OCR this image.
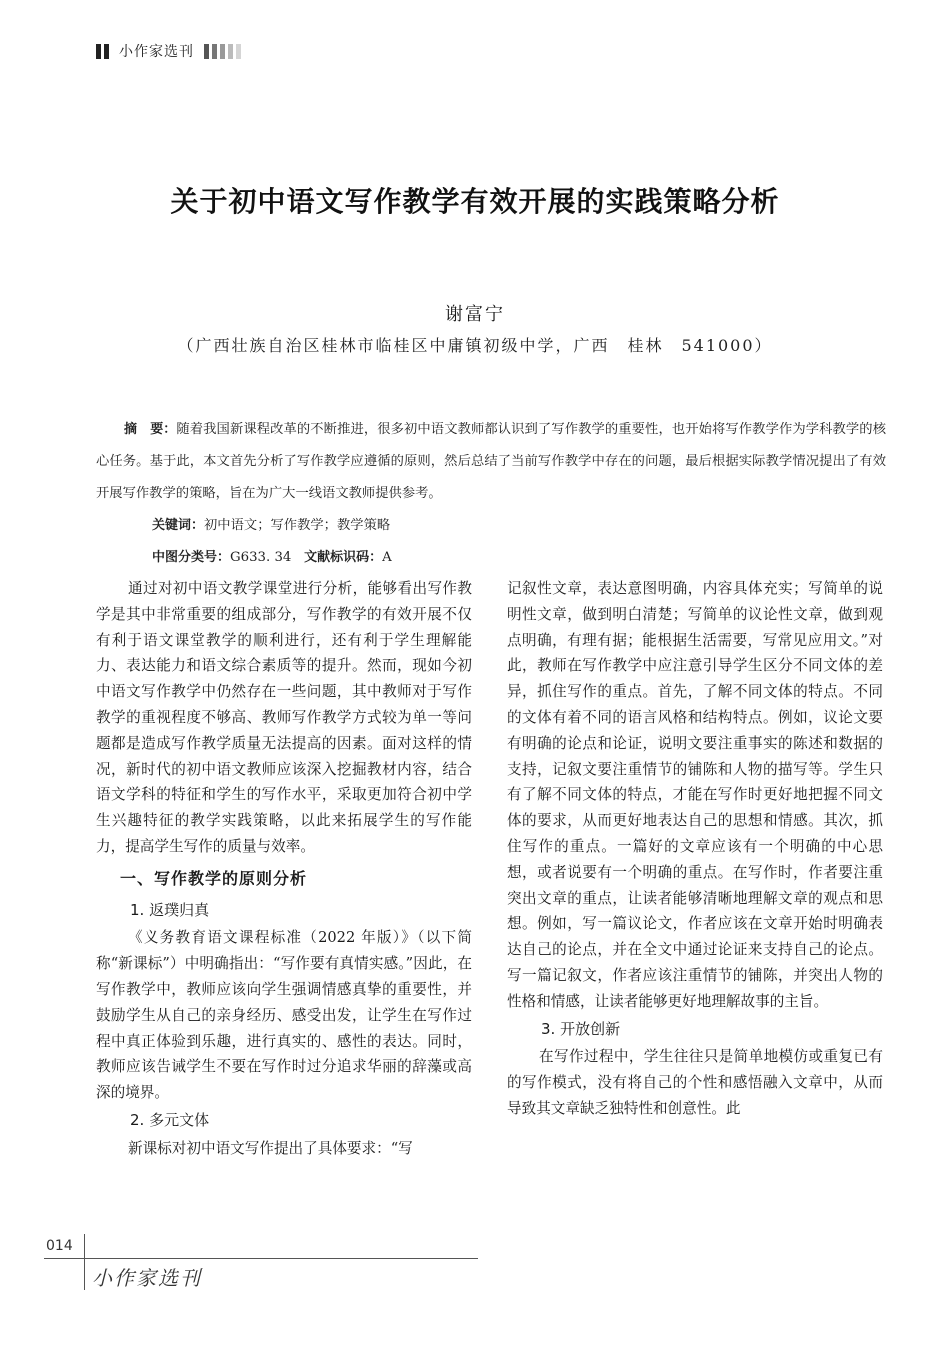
小作家选刊
关于初中语文写作教学有效开展的实践策略分析
谢富宁
（广西壮族自治区桂林市临桂区中庸镇初级中学，广西　桂林　541000）

摘　要：随着我国新课程改革的不断推进，很多初中语文教师都认识到了写作教学的重要性，也开始将写作教学作为学科教学的核心任务。基于此，本文首先分析了写作教学应遵循的原则，然后总结了当前写作教学中存在的问题，最后根据实际教学情况提出了有效开展写作教学的策略，旨在为广大一线语文教师提供参考。

关键词：初中语文；写作教学；教学策略

中图分类号：G633. 34 文献标识码：A

通过对初中语文教学课堂进行分析，能够看出写作教学是其中非常重要的组成部分，写作教学的有效开展不仅有利于语文课堂教学的顺利进行，还有利于学生理解能力、表达能力和语文综合素质等的提升。然而，现如今初中语文写作教学中仍然存在一些问题，其中教师对于写作教学的重视程度不够高、教师写作教学方式较为单一等问题都是造成写作教学质量无法提高的因素。面对这样的情况，新时代的初中语文教师应该深入挖掘教材内容，结合语文学科的特征和学生的写作水平，采取更加符合初中学生兴趣特征的教学实践策略，以此来拓展学生的写作能力，提高学生写作的质量与效率。

一、写作教学的原则分析
1. 返璞归真

《义务教育语文课程标准（2022 年版）》（以下简称“新课标”）中明确指出：“写作要有真情实感。”因此，在写作教学中，教师应该向学生强调情感真挚的重要性，并鼓励学生从自己的亲身经历、感受出发，让学生在写作过程中真正体验到乐趣，进行真实的、感性的表达。同时，教师应该告诫学生不要在写作时过分追求华丽的辞藻或高深的境界。

2. 多元文体

新课标对初中语文写作提出了具体要求：“写

记叙性文章，表达意图明确，内容具体充实；写简单的说明性文章，做到明白清楚；写简单的议论性文章，做到观点明确，有理有据；能根据生活需要，写常见应用文。”对此，教师在写作教学中应注意引导学生区分不同文体的差异，抓住写作的重点。首先，了解不同文体的特点。不同的文体有着不同的语言风格和结构特点。例如，议论文要有明确的论点和论证，说明文要注重事实的陈述和数据的支持，记叙文要注重情节的铺陈和人物的描写等。学生只有了解不同文体的特点，才能在写作时更好地把握不同文体的要求，从而更好地表达自己的思想和情感。其次，抓住写作的重点。一篇好的文章应该有一个明确的中心思想，或者说要有一个明确的重点。在写作时，作者要注重突出文章的重点，让读者能够清晰地理解文章的观点和思想。例如，写一篇议论文，作者应该在文章开始时明确表达自己的论点，并在全文中通过论证来支持自己的论点。写一篇记叙文，作者应该注重情节的铺陈，并突出人物的性格和情感，让读者能够更好地理解故事的主旨。

3. 开放创新

在写作过程中，学生往往只是简单地模仿或重复已有的写作模式，没有将自己的个性和感悟融入文章中，从而导致其文章缺乏独特性和创意性。此

014
小作家选刊
